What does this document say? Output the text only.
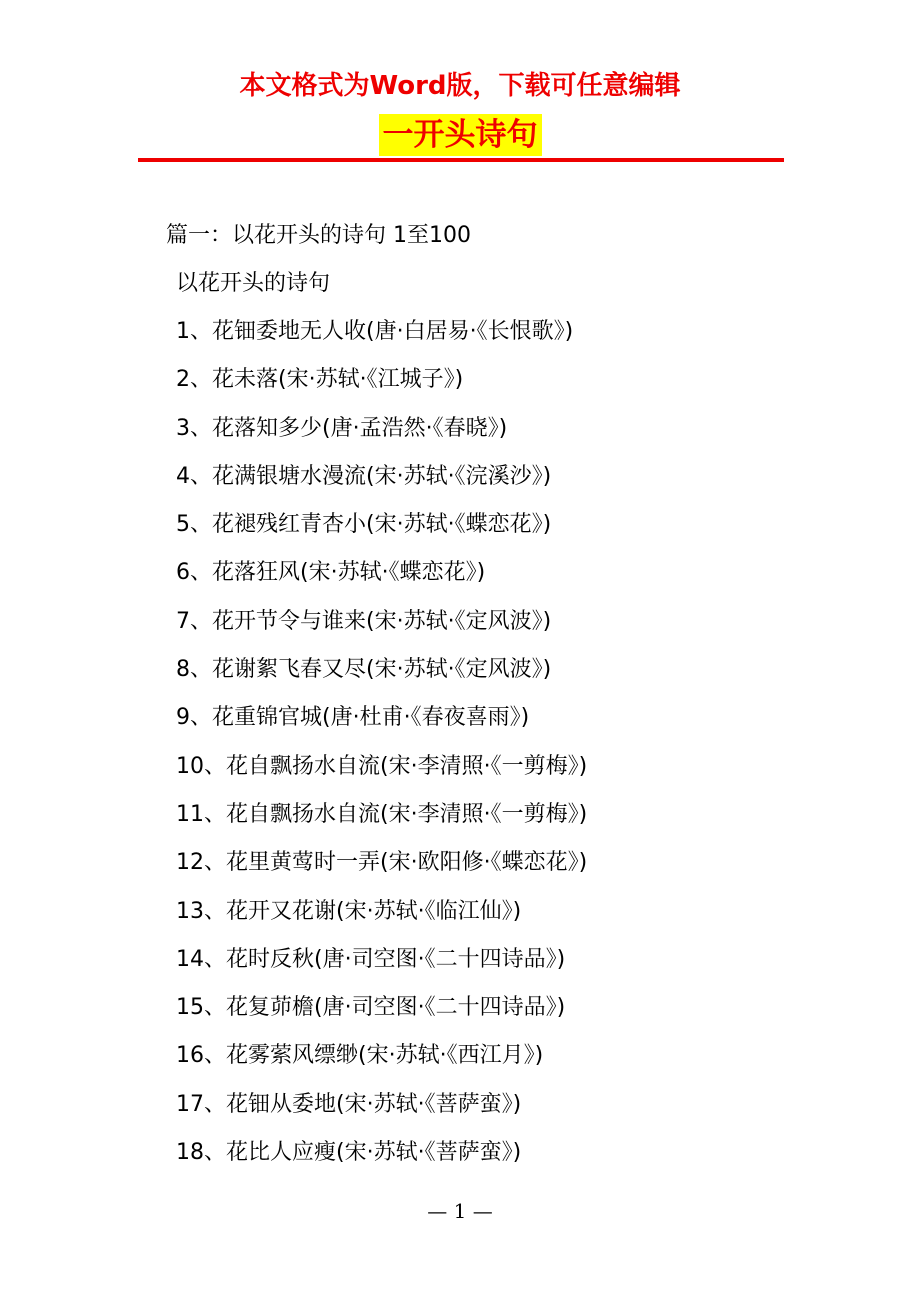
本文格式为Word版，下载可任意编辑
一开头诗句
篇一：以花开头的诗句 1至100
以花开头的诗句
1、花钿委地无人收(唐·白居易·《长恨歌》)
2、花未落(宋·苏轼·《江城子》)
3、花落知多少(唐·孟浩然·《春晓》)
4、花满银塘水漫流(宋·苏轼·《浣溪沙》)
5、花褪残红青杏小(宋·苏轼·《蝶恋花》)
6、花落狂风(宋·苏轼·《蝶恋花》)
7、花开节令与谁来(宋·苏轼·《定风波》)
8、花谢絮飞春又尽(宋·苏轼·《定风波》)
9、花重锦官城(唐·杜甫·《春夜喜雨》)
10、花自飘扬水自流(宋·李清照·《一剪梅》)
11、花自飘扬水自流(宋·李清照·《一剪梅》)
12、花里黄莺时一弄(宋·欧阳修·《蝶恋花》)
13、花开又花谢(宋·苏轼·《临江仙》)
14、花时反秋(唐·司空图·《二十四诗品》)
15、花复茆檐(唐·司空图·《二十四诗品》)
16、花雾萦风缥缈(宋·苏轼·《西江月》)
17、花钿从委地(宋·苏轼·《菩萨蛮》)
18、花比人应瘦(宋·苏轼·《菩萨蛮》)
— 1 —
